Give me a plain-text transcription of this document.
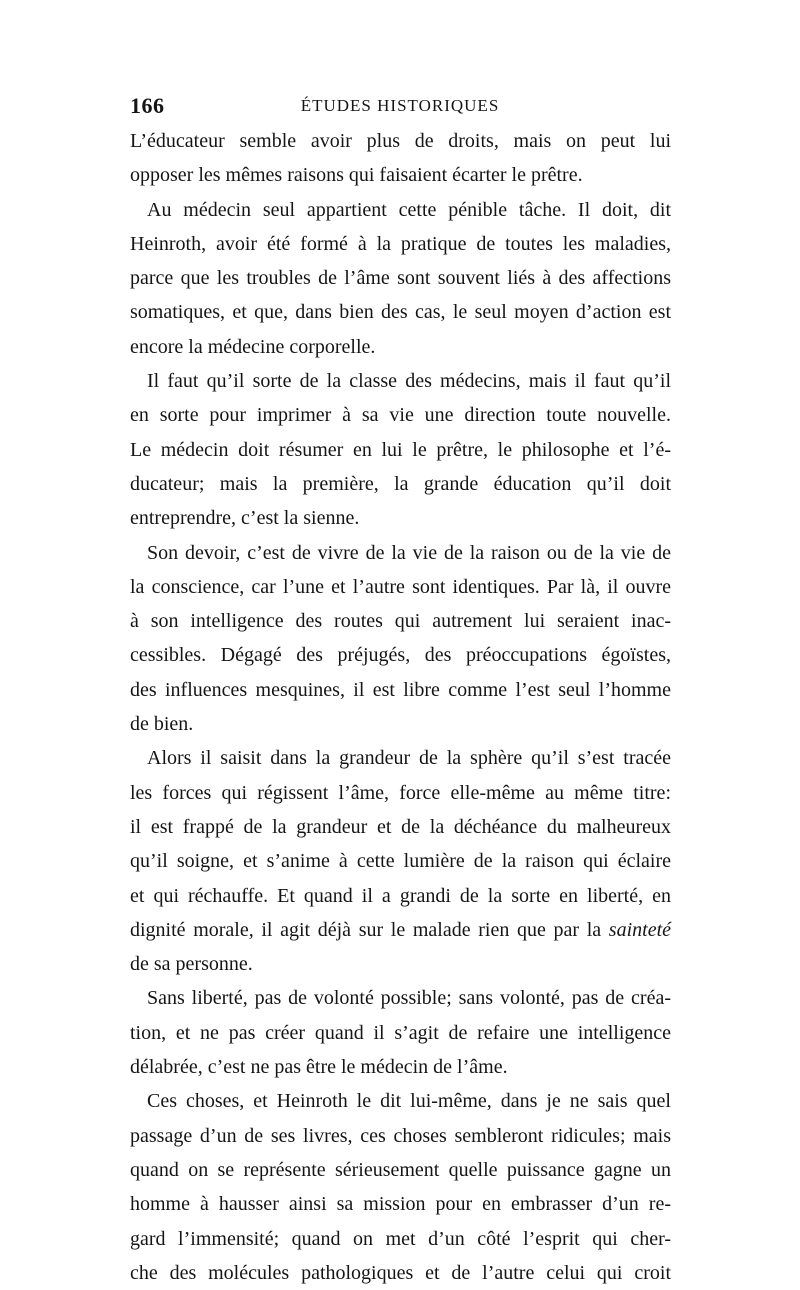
166	ÉTUDES HISTORIQUES
L’éducateur semble avoir plus de droits, mais on peut lui
opposer les mêmes raisons qui faisaient écarter le prêtre.
Au médecin seul appartient cette pénible tâche. Il doit, dit
Heinroth, avoir été formé à la pratique de toutes les maladies,
parce que les troubles de l’âme sont souvent liés à des affections
somatiques, et que, dans bien des cas, le seul moyen d’action est
encore la médecine corporelle.
Il faut qu’il sorte de la classe des médecins, mais il faut qu’il
en sorte pour imprimer à sa vie une direction toute nouvelle.
Le médecin doit résumer en lui le prêtre, le philosophe et l’é-
ducateur; mais la première, la grande éducation qu’il doit
entreprendre, c’est la sienne.
Son devoir, c’est de vivre de la vie de la raison ou de la vie de
la conscience, car l’une et l’autre sont identiques. Par là, il ouvre
à son intelligence des routes qui autrement lui seraient inac-
cessibles. Dégagé des préjugés, des préoccupations égoïstes,
des influences mesquines, il est libre comme l’est seul l’homme
de bien.
Alors il saisit dans la grandeur de la sphère qu’il s’est tracée
les forces qui régissent l’âme, force elle-même au même titre:
il est frappé de la grandeur et de la déchéance du malheureux
qu’il soigne, et s’anime à cette lumière de la raison qui éclaire
et qui réchauffe. Et quand il a grandi de la sorte en liberté, en
dignité morale, il agit déjà sur le malade rien que par la sainteté
de sa personne.
Sans liberté, pas de volonté possible; sans volonté, pas de créa-
tion, et ne pas créer quand il s’agit de refaire une intelligence
délabrée, c’est ne pas être le médecin de l’âme.
Ces choses, et Heinroth le dit lui-même, dans je ne sais quel
passage d’un de ses livres, ces choses sembleront ridicules; mais
quand on se représente sérieusement quelle puissance gagne un
homme à hausser ainsi sa mission pour en embrasser d’un re-
gard l’immensité; quand on met d’un côté l’esprit qui cher-
che des molécules pathologiques et de l’autre celui qui croit
